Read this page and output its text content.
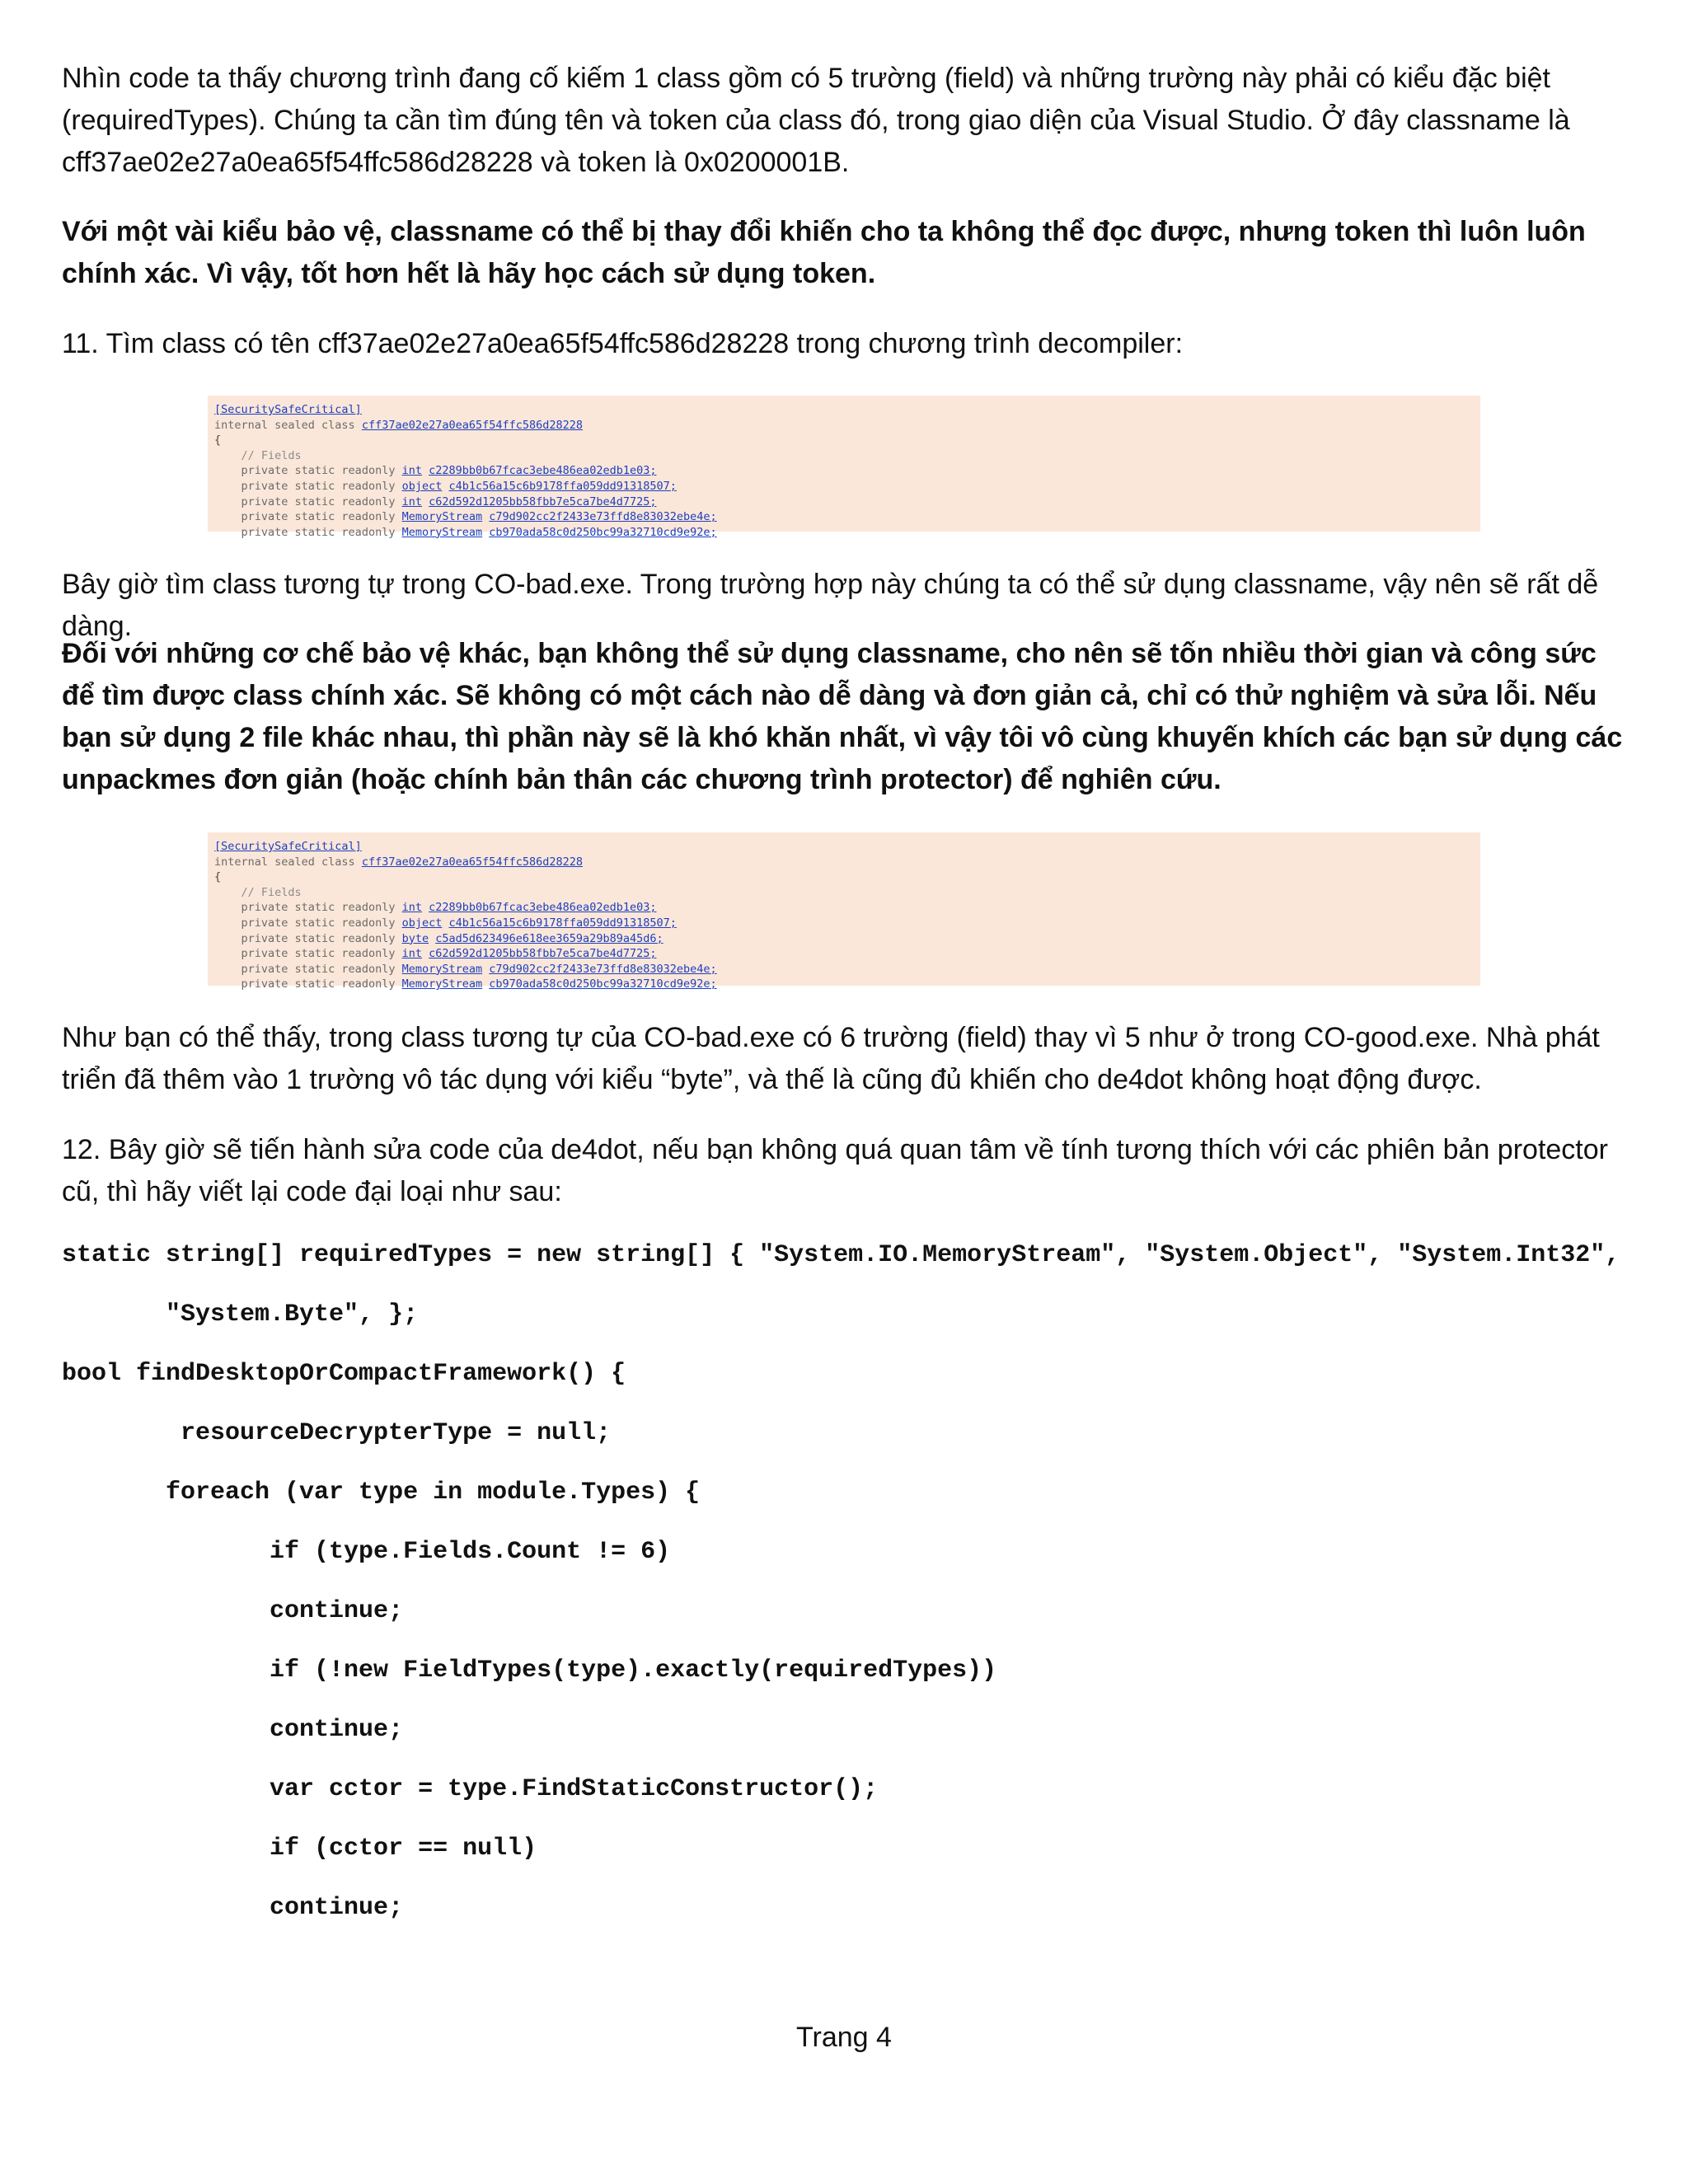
Nhìn code ta thấy chương trình đang cố kiếm 1 class gồm có 5 trường (field) và những trường này phải có kiểu đặc biệt (requiredTypes). Chúng ta cần tìm đúng tên và token của class đó, trong giao diện của Visual Studio. Ở đây classname là cff37ae02e27a0ea65f54ffc586d28228 và token là 0x0200001B.

Với một vài kiểu bảo vệ, classname có thể bị thay đổi khiến cho ta không thể đọc được, nhưng token thì luôn luôn chính xác. Vì vậy, tốt hơn hết là hãy học cách sử dụng token.

11. Tìm class có tên cff37ae02e27a0ea65f54ffc586d28228 trong chương trình decompiler:

[SecuritySafeCritical]
internal sealed class cff37ae02e27a0ea65f54ffc586d28228
{
// Fields
private static readonly int c2289bb0b67fcac3ebe486ea02edb1e03;
private static readonly object c4b1c56a15c6b9178ffa059dd91318507;
private static readonly int c62d592d1205bb58fbb7e5ca7be4d7725;
private static readonly MemoryStream c79d902cc2f2433e73ffd8e83032ebe4e;
private static readonly MemoryStream cb970ada58c0d250bc99a32710cd9e92e;

Bây giờ tìm class tương tự trong CO-bad.exe. Trong trường hợp này chúng ta có thể sử dụng classname, vậy nên sẽ rất dễ dàng.

Đối với những cơ chế bảo vệ khác, bạn không thể sử dụng classname, cho nên sẽ tốn nhiều thời gian và công sức để tìm được class chính xác. Sẽ không có một cách nào dễ dàng và đơn giản cả, chỉ có thử nghiệm và sửa lỗi. Nếu bạn sử dụng 2 file khác nhau, thì phần này sẽ là khó khăn nhất, vì vậy tôi vô cùng khuyến khích các bạn sử dụng các unpackmes đơn giản (hoặc chính bản thân các chương trình protector) để nghiên cứu.

[SecuritySafeCritical]
internal sealed class cff37ae02e27a0ea65f54ffc586d28228
{
// Fields
private static readonly int c2289bb0b67fcac3ebe486ea02edb1e03;
private static readonly object c4b1c56a15c6b9178ffa059dd91318507;
private static readonly byte c5ad5d623496e618ee3659a29b89a45d6;
private static readonly int c62d592d1205bb58fbb7e5ca7be4d7725;
private static readonly MemoryStream c79d902cc2f2433e73ffd8e83032ebe4e;
private static readonly MemoryStream cb970ada58c0d250bc99a32710cd9e92e;

Như bạn có thể thấy, trong class tương tự của CO-bad.exe có 6 trường (field) thay vì 5 như ở trong CO-good.exe. Nhà phát triển đã thêm vào 1 trường vô tác dụng với kiểu “byte”, và thế là cũng đủ khiến cho de4dot không hoạt động được.

12. Bây giờ sẽ tiến hành sửa code của de4dot, nếu bạn không quá quan tâm về tính tương thích với các phiên bản protector cũ, thì hãy viết lại code đại loại như sau:

static string[] requiredTypes = new string[] { "System.IO.MemoryStream", "System.Object", "System.Int32",
"System.Byte", };
bool findDesktopOrCompactFramework() {
resourceDecrypterType = null;
foreach (var type in module.Types) {
if (type.Fields.Count != 6)
continue;
if (!new FieldTypes(type).exactly(requiredTypes))
continue;
var cctor = type.FindStaticConstructor();
if (cctor == null)
continue;
Trang 4
